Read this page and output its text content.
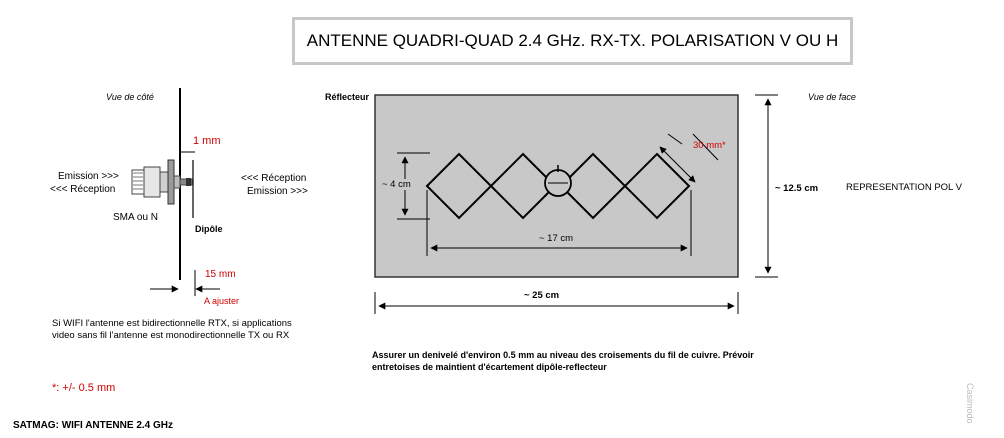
ANTENNE QUADRI-QUAD 2.4 GHz. RX-TX. POLARISATION V OU H
Vue de côté
1 mm
Emission >>>
<<< Réception
<<< Réception
Emission >>>
SMA ou N
Dipôle
15 mm
A ajuster
Si WIFI l'antenne est bidirectionnelle RTX, si applications
video sans fil l'antenne est monodirectionnelle TX ou RX
*: +/- 0.5 mm
SATMAG: WIFI ANTENNE 2.4 GHz
Réflecteur	Vue de face
30 mm*
~ 4 cm
~ 17 cm
~ 25 cm
~ 12.5 cm	REPRESENTATION POL V
Assurer un denivelé d'environ 0.5 mm au niveau des croisements du fil de cuivre. Prévoir
entretoises de maintient d'écartement dipôle-reflecteur
Casimodo
